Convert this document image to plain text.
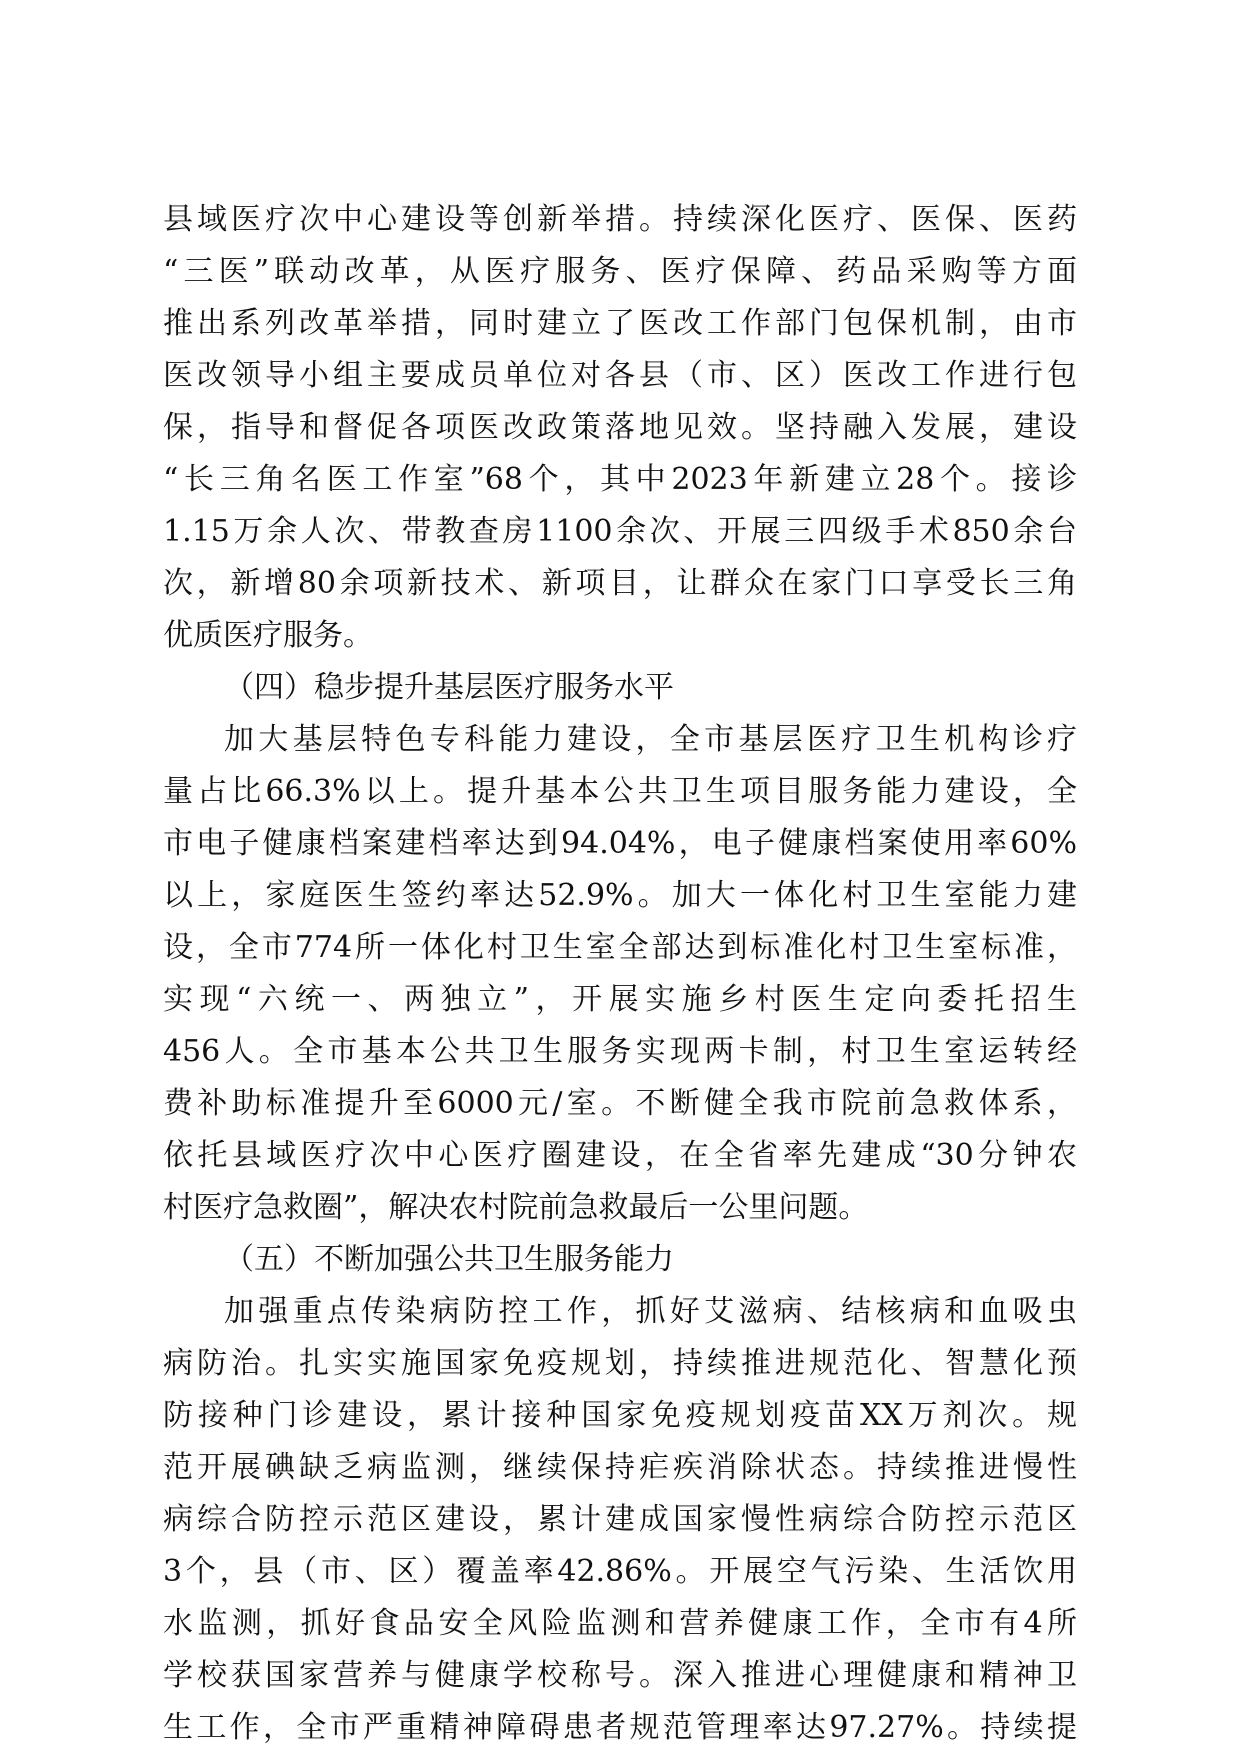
县域医疗次中心建设等创新举措。持续深化医疗、医保、医药
“三医”联动改革，从医疗服务、医疗保障、药品采购等方面
推出系列改革举措，同时建立了医改工作部门包保机制，由市
医改领导小组主要成员单位对各县（市、区）医改工作进行包
保，指导和督促各项医改政策落地见效。坚持融入发展，建设
“长三角名医工作室”68个，其中2023年新建立28个。接诊
1.15万余人次、带教查房1100余次、开展三四级手术850余台
次，新增80余项新技术、新项目，让群众在家门口享受长三角
优质医疗服务。
（四）稳步提升基层医疗服务水平
加大基层特色专科能力建设，全市基层医疗卫生机构诊疗
量占比66.3%以上。提升基本公共卫生项目服务能力建设，全
市电子健康档案建档率达到94.04%，电子健康档案使用率60%
以上，家庭医生签约率达52.9%。加大一体化村卫生室能力建
设，全市774所一体化村卫生室全部达到标准化村卫生室标准，
实现“六统一、两独立”，开展实施乡村医生定向委托招生
456人。全市基本公共卫生服务实现两卡制，村卫生室运转经
费补助标准提升至6000元/室。不断健全我市院前急救体系，
依托县域医疗次中心医疗圈建设，在全省率先建成“30分钟农
村医疗急救圈”，解决农村院前急救最后一公里问题。
（五）不断加强公共卫生服务能力
加强重点传染病防控工作，抓好艾滋病、结核病和血吸虫
病防治。扎实实施国家免疫规划，持续推进规范化、智慧化预
防接种门诊建设，累计接种国家免疫规划疫苗XX万剂次。规
范开展碘缺乏病监测，继续保持疟疾消除状态。持续推进慢性
病综合防控示范区建设，累计建成国家慢性病综合防控示范区
3个，县（市、区）覆盖率42.86%。开展空气污染、生活饮用
水监测，抓好食品安全风险监测和营养健康工作，全市有4所
学校获国家营养与健康学校称号。深入推进心理健康和精神卫
生工作，全市严重精神障碍患者规范管理率达97.27%。持续提
